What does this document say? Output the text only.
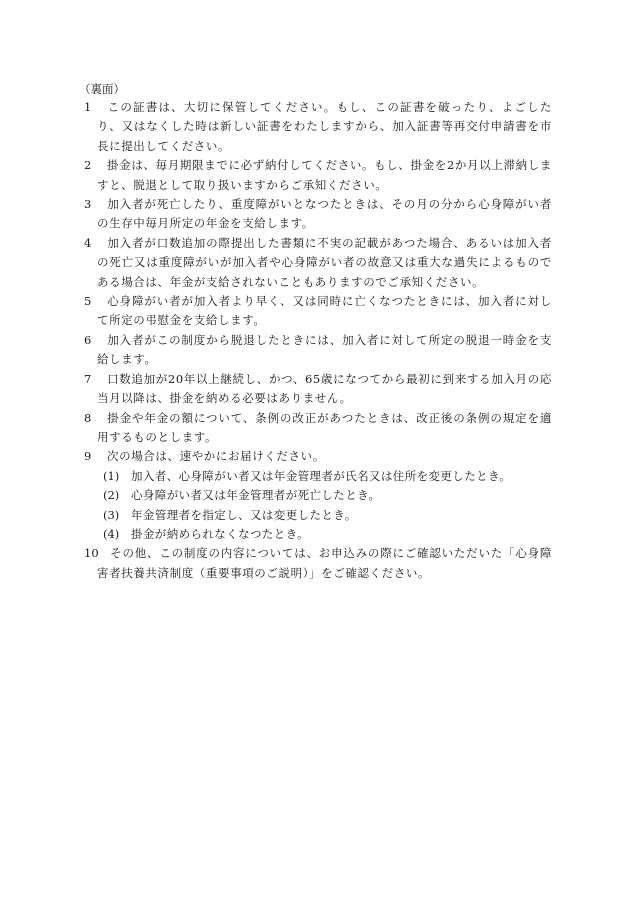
（裏面）
1 この証書は、大切に保管してください。もし、この証書を破ったり、よごしたり、又はなくした時は新しい証書をわたしますから、加入証書等再交付申請書を市長に提出してください。
2 掛金は、毎月期限までに必ず納付してください。もし、掛金を2か月以上滞納しますと、脱退として取り扱いますからご承知ください。
3 加入者が死亡したり、重度障がいとなつたときは、その月の分から心身障がい者の生存中毎月所定の年金を支給します。
4 加入者が口数追加の際提出した書類に不実の記載があつた場合、あるいは加入者の死亡又は重度障がいが加入者や心身障がい者の故意又は重大な過失によるものである場合は、年金が支給されないこともありますのでご承知ください。
5 心身障がい者が加入者より早く、又は同時に亡くなつたときには、加入者に対して所定の弔慰金を支給します。
6 加入者がこの制度から脱退したときには、加入者に対して所定の脱退一時金を支給します。
7 口数追加が20年以上継続し、かつ、65歳になつてから最初に到来する加入月の応当月以降は、掛金を納める必要はありません。
8 掛金や年金の額について、条例の改正があつたときは、改正後の条例の規定を適用するものとします。
9 次の場合は、速やかにお届けください。
(1) 加入者、心身障がい者又は年金管理者が氏名又は住所を変更したとき。
(2) 心身障がい者又は年金管理者が死亡したとき。
(3) 年金管理者を指定し、又は変更したとき。
(4) 掛金が納められなくなつたとき。
10 その他、この制度の内容については、お申込みの際にご確認いただいた「心身障害者扶養共済制度（重要事項のご説明）」をご確認ください。
